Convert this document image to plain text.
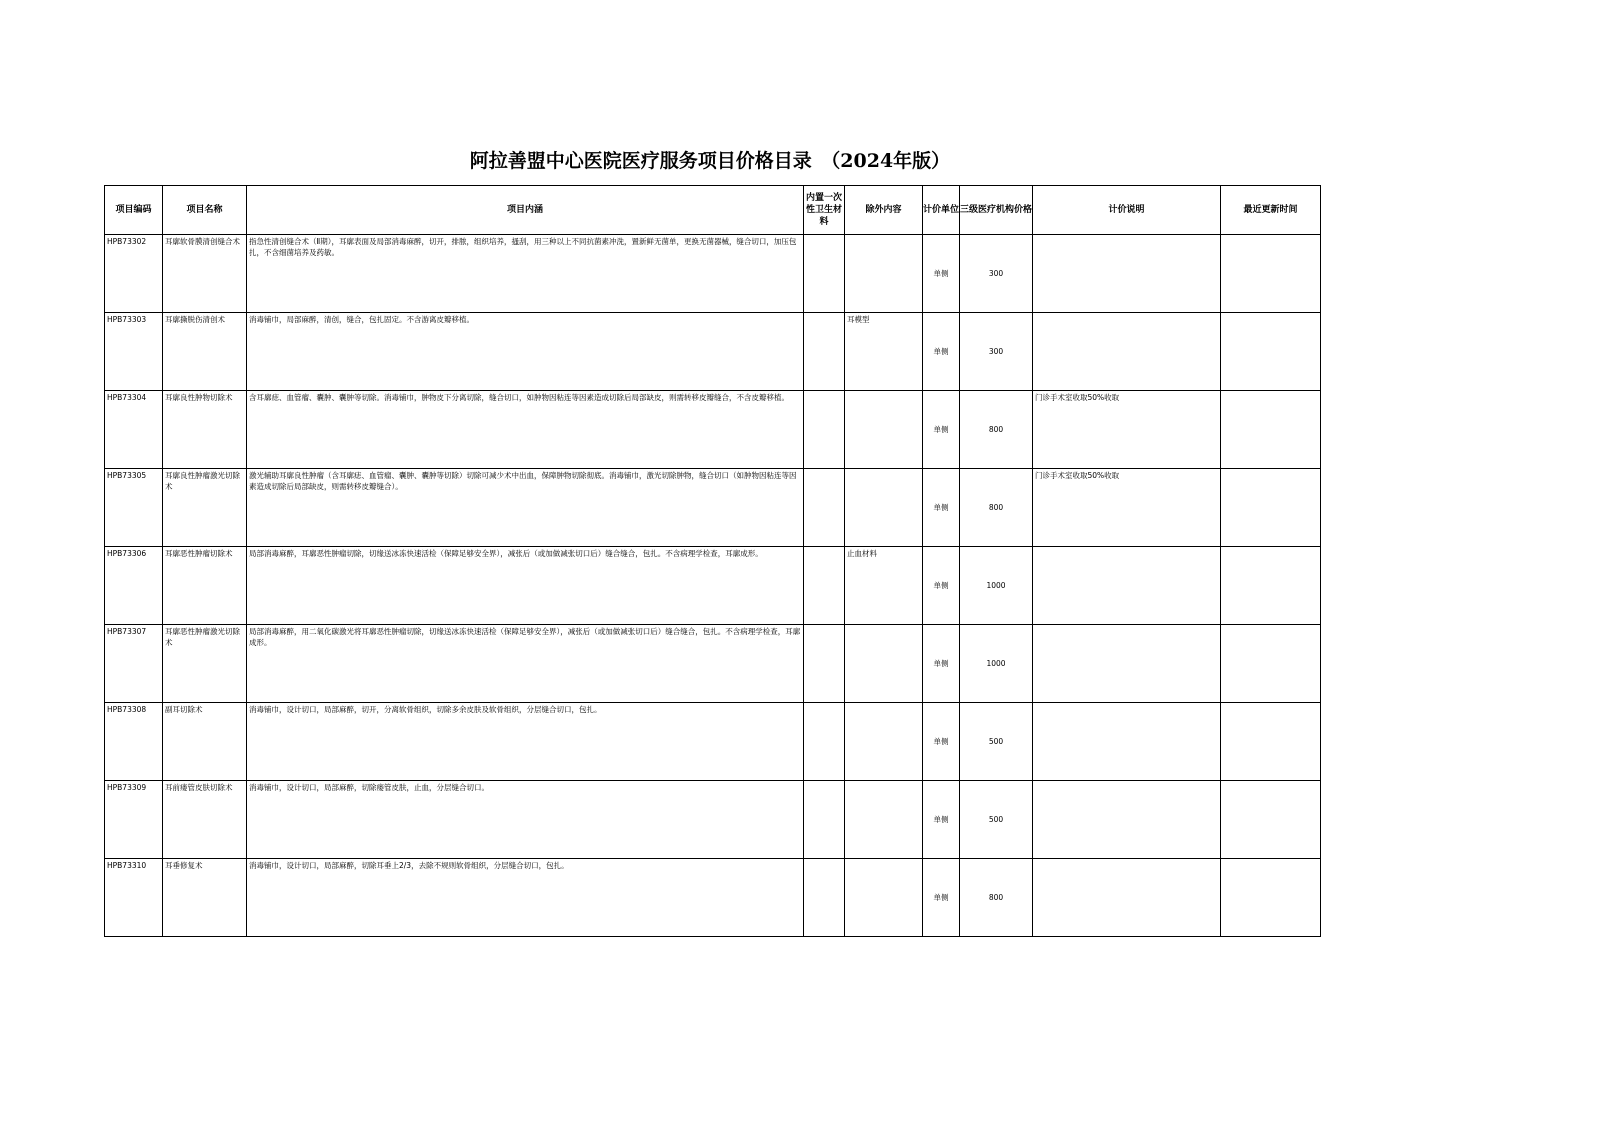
阿拉善盟中心医院医疗服务项目价格目录　（2024年版）
项目编码	项目名称	项目内涵	内置一次性卫生材料	除外内容	计价单位	三级医疗机构价格	计价说明	最近更新时间

HPB73302	耳廓软骨膜清创缝合术	指急性清创缝合术（Ⅱ期），耳廓表面及局部消毒麻醉，切开，排脓，组织培养，搔刮，用三种以上不同抗菌素冲洗，置新鲜无菌单，更换无菌器械，缝合切口，加压包扎，不含细菌培养及药敏。			单侧	300		

HPB73303	耳廓撕脱伤清创术	消毒铺巾，局部麻醉，清创，缝合，包扎固定。不含游离皮瓣移植。		耳模型	单侧	300		

HPB73304	耳廓良性肿物切除术	含耳廓痣、血管瘤、囊肿、囊肿等切除。消毒铺巾，肿物皮下分离切除，缝合切口，如肿物因粘连等因素造成切除后局部缺皮，则需转移皮瓣缝合，不含皮瓣移植。			单侧	800	门诊手术室收取50%收取	

HPB73305	耳廓良性肿瘤激光切除术	激光辅助耳廓良性肿瘤（含耳廓痣、血管瘤、囊肿、囊肿等切除）切除可减少术中出血，保障肿物切除彻底。消毒铺巾，激光切除肿物，缝合切口（如肿物因粘连等因素造成切除后局部缺皮，则需转移皮瓣缝合）。			单侧	800	门诊手术室收取50%收取	

HPB73306	耳廓恶性肿瘤切除术	局部消毒麻醉，耳廓恶性肿瘤切除，切缘送冰冻快速活检（保障足够安全界），减张后（或加做减张切口后）缝合缝合，包扎。不含病理学检查，耳廓成形。		止血材料	单侧	1000		

HPB73307	耳廓恶性肿瘤激光切除术	局部消毒麻醉，用二氧化碳激光将耳廓恶性肿瘤切除，切缘送冰冻快速活检（保障足够安全界），减张后（或加做减张切口后）缝合缝合，包扎。不含病理学检查，耳廓成形。			单侧	1000		

HPB73308	副耳切除术	消毒铺巾，设计切口，局部麻醉，切开，分离软骨组织，切除多余皮肤及软骨组织，分层缝合切口，包扎。			单侧	500		

HPB73309	耳前瘘管皮肤切除术	消毒铺巾，设计切口，局部麻醉，切除瘘管皮肤，止血，分层缝合切口。			单侧	500		

HPB73310	耳垂修复术	消毒铺巾，设计切口，局部麻醉，切除耳垂上2/3，去除不规则软骨组织，分层缝合切口，包扎。			单侧	800		
